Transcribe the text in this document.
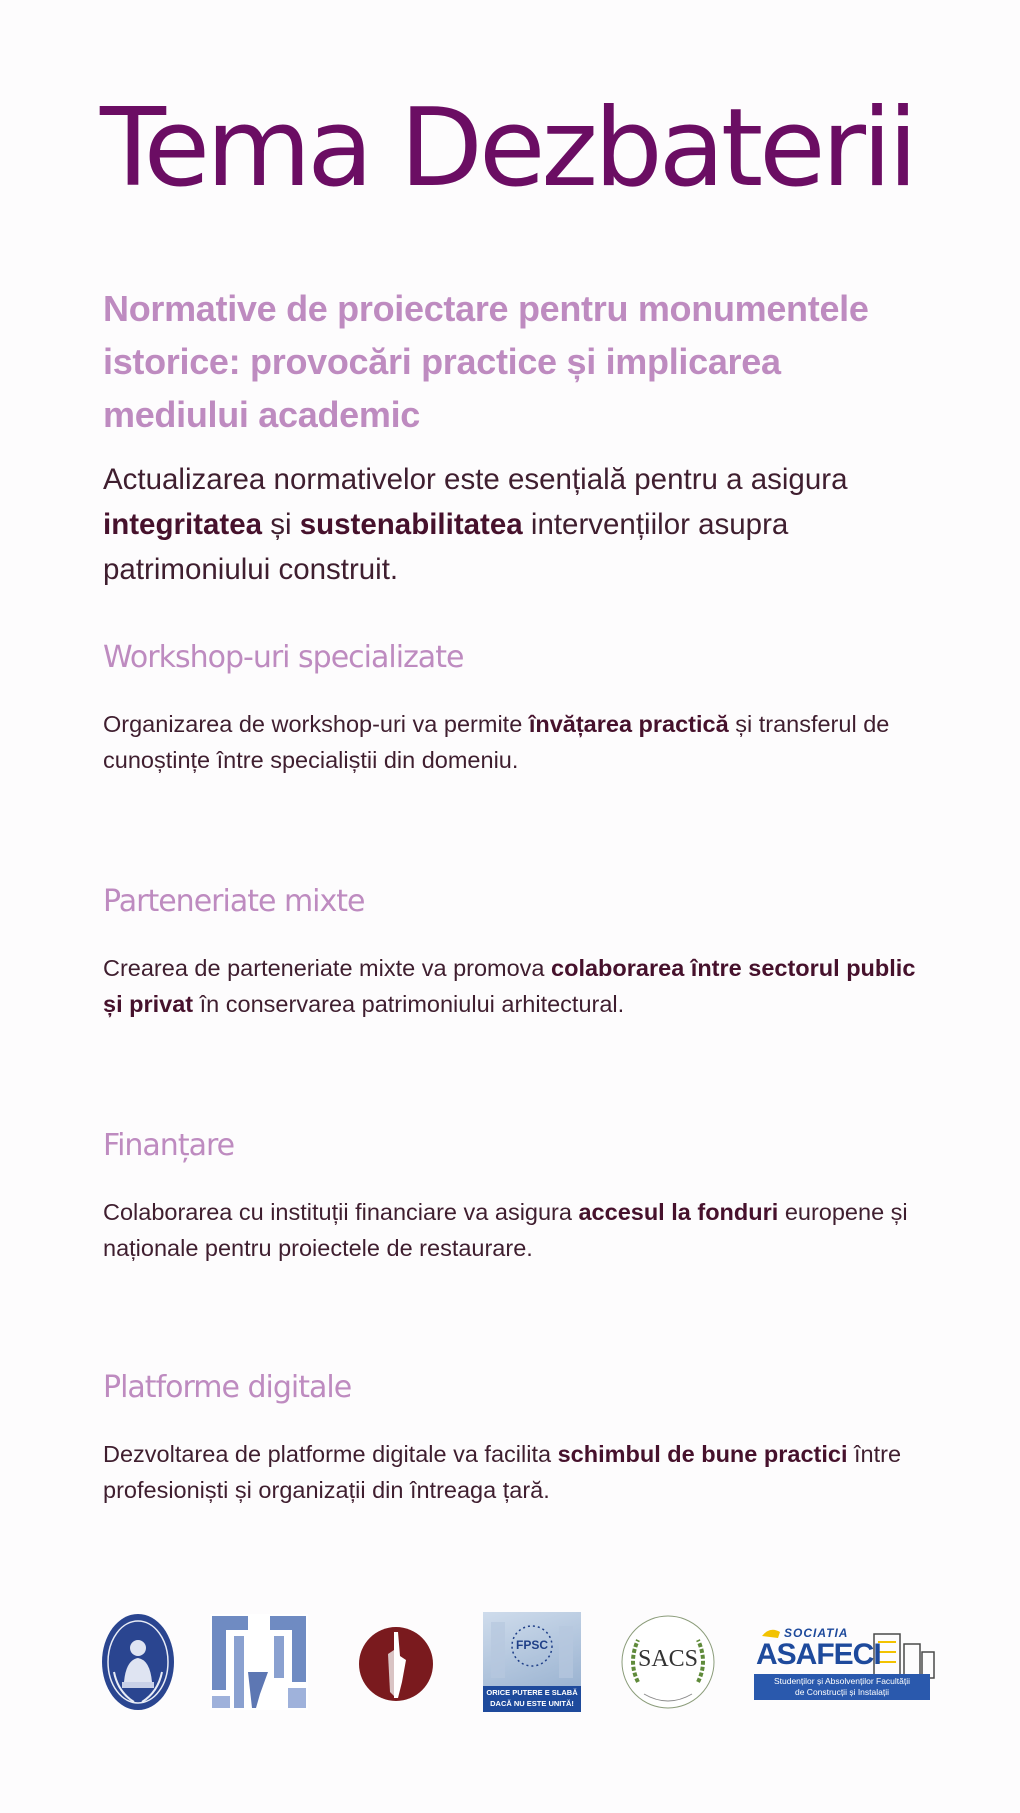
Tema Dezbaterii
Normative de proiectare pentru monumentele istorice: provocări practice și implicarea mediului academic

Actualizarea normativelor este esențială pentru a asigura integritatea și sustenabilitatea intervențiilor asupra patrimoniului construit.

Workshop-uri specializate

Organizarea de workshop-uri va permite învățarea practică și transferul de cunoștințe între specialiștii din domeniu.

Parteneriate mixte

Crearea de parteneriate mixte va promova colaborarea între sectorul public și privat în conservarea patrimoniului arhitectural.

Finanțare

Colaborarea cu instituții financiare va asigura accesul la fonduri europene și naționale pentru proiectele de restaurare.

Platforme digitale

Dezvoltarea de platforme digitale va facilita schimbul de bune practici între profesioniști și organizații din întreaga țară.

FPSC
ORICE PUTERE E SLABĂ
DACĂ NU ESTE UNITĂ!
SACS
SOCIATIA
ASAFECI
Studenților și Absolvenților Facultății
de Construcții și Instalații
